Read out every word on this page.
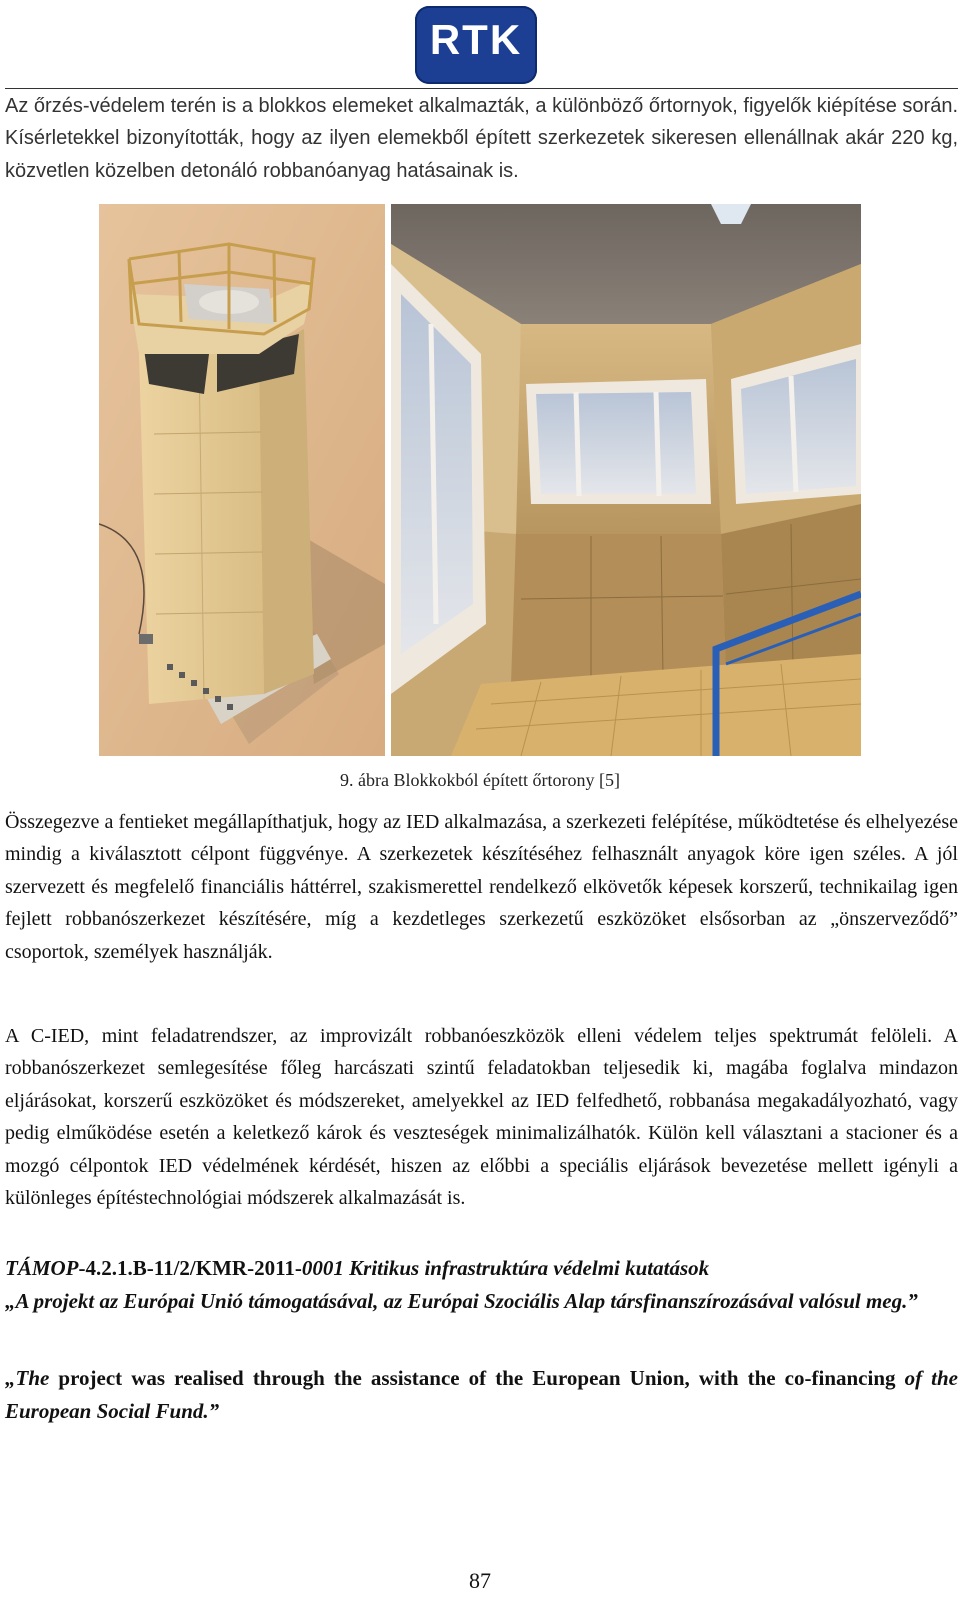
RTK

Az őrzés-védelem terén is a blokkos elemeket alkalmazták, a különböző őrtornyok, figyelők kiépítése során. Kísérletekkel bizonyították, hogy az ilyen elemekből épített szerkezetek sikeresen ellenállnak akár 220 kg, közvetlen közelben detonáló robbanóanyag hatásainak is.

9. ábra Blokkokból épített őrtorony [5]

Összegezve a fentieket megállapíthatjuk, hogy az IED alkalmazása, a szerkezeti felépítése, működtetése és elhelyezése mindig a kiválasztott célpont függvénye. A szerkezetek készítéséhez felhasznált anyagok köre igen széles. A jól szervezett és megfelelő financiális háttérrel, szakismerettel rendelkező elkövetők képesek korszerű, technikailag igen fejlett robbanószerkezet készítésére, míg a kezdetleges szerkezetű eszközöket elsősorban az „önszerveződő” csoportok, személyek használják.

A C-IED, mint feladatrendszer, az improvizált robbanóeszközök elleni védelem teljes spektrumát felöleli. A robbanószerkezet semlegesítése főleg harcászati szintű feladatokban teljesedik ki, magába foglalva mindazon eljárásokat, korszerű eszközöket és módszereket, amelyekkel az IED felfedhető, robbanása megakadályozható, vagy pedig elműködése esetén a keletkező károk és veszteségek minimalizálhatók. Külön kell választani a stacioner és a mozgó célpontok IED védelmének kérdését, hiszen az előbbi a speciális eljárások bevezetése mellett igényli a különleges építéstechnológiai módszerek alkalmazását is.

TÁMOP-4.2.1.B-11/2/KMR-2011-0001 Kritikus infrastruktúra védelmi kutatások
„A projekt az Európai Unió támogatásával, az Európai Szociális Alap társfinanszírozásával valósul meg.”

„The project was realised through the assistance of the European Union, with the co-financing of the European Social Fund.”

87
